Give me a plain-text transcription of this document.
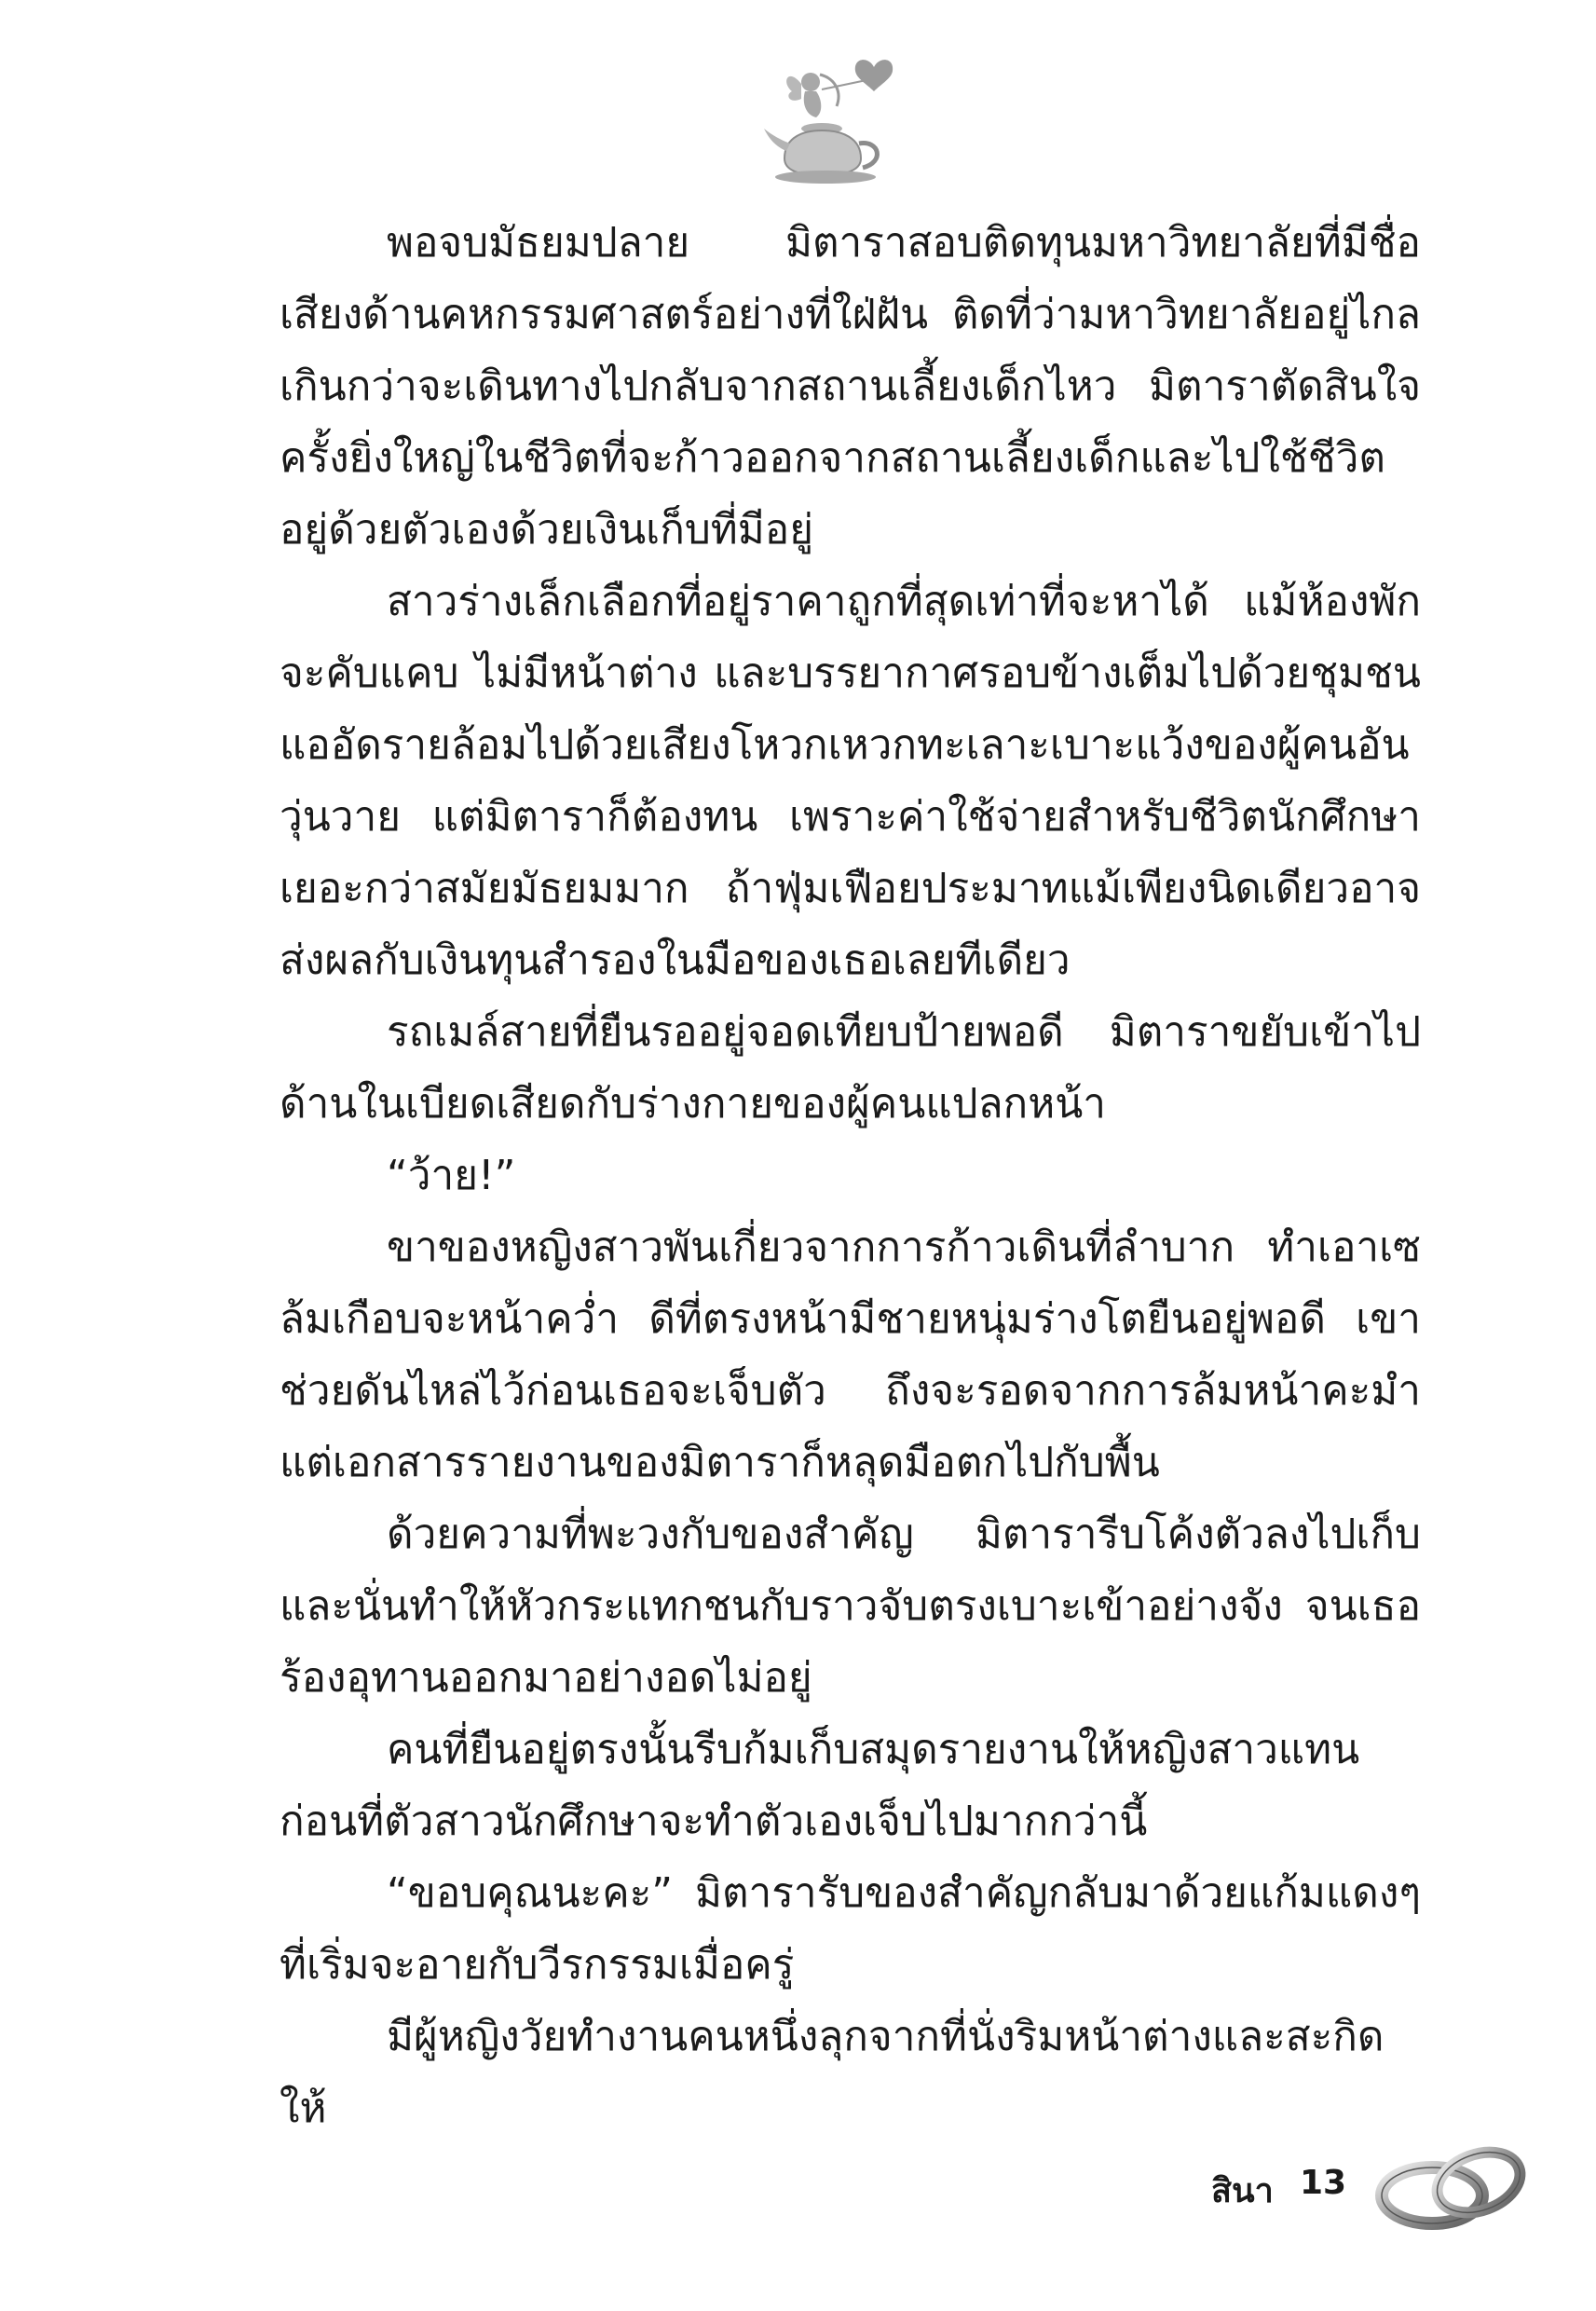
พอจบมัธยมปลาย มิตาราสอบติดทุนมหาวิทยาลัยที่มีชื่อเสียงด้านคหกรรมศาสตร์อย่างที่ใฝ่ฝัน ติดที่ว่ามหาวิทยาลัยอยู่ไกลเกินกว่าจะเดินทางไปกลับจากสถานเลี้ยงเด็กไหว มิตาราตัดสินใจครั้งยิ่งใหญ่ในชีวิตที่จะก้าวออกจากสถานเลี้ยงเด็กและไปใช้ชีวิตอยู่ด้วยตัวเองด้วยเงินเก็บที่มีอยู่

สาวร่างเล็กเลือกที่อยู่ราคาถูกที่สุดเท่าที่จะหาได้ แม้ห้องพักจะคับแคบ ไม่มีหน้าต่าง และบรรยากาศรอบข้างเต็มไปด้วยชุมชนแออัดรายล้อมไปด้วยเสียงโหวกเหวกทะเลาะเบาะแว้งของผู้คนอันวุ่นวาย แต่มิตาราก็ต้องทน เพราะค่าใช้จ่ายสำหรับชีวิตนักศึกษาเยอะกว่าสมัยมัธยมมาก ถ้าฟุ่มเฟือยประมาทแม้เพียงนิดเดียวอาจส่งผลกับเงินทุนสำรองในมือของเธอเลยทีเดียว

รถเมล์สายที่ยืนรออยู่จอดเทียบป้ายพอดี มิตาราขยับเข้าไปด้านในเบียดเสียดกับร่างกายของผู้คนแปลกหน้า

“ว้าย!”

ขาของหญิงสาวพันเกี่ยวจากการก้าวเดินที่ลำบาก ทำเอาเซล้มเกือบจะหน้าคว่ำ ดีที่ตรงหน้ามีชายหนุ่มร่างโตยืนอยู่พอดี เขาช่วยดันไหล่ไว้ก่อนเธอจะเจ็บตัว ถึงจะรอดจากการล้มหน้าคะมำ แต่เอกสารรายงานของมิตาราก็หลุดมือตกไปกับพื้น

ด้วยความที่พะวงกับของสำคัญ มิตารารีบโค้งตัวลงไปเก็บ และนั่นทำให้หัวกระแทกชนกับราวจับตรงเบาะเข้าอย่างจัง จนเธอร้องอุทานออกมาอย่างอดไม่อยู่

คนที่ยืนอยู่ตรงนั้นรีบก้มเก็บสมุดรายงานให้หญิงสาวแทนก่อนที่ตัวสาวนักศึกษาจะทำตัวเองเจ็บไปมากกว่านี้

“ขอบคุณนะคะ” มิตารารับของสำคัญกลับมาด้วยแก้มแดงๆ ที่เริ่มจะอายกับวีรกรรมเมื่อครู่

มีผู้หญิงวัยทำงานคนหนึ่งลุกจากที่นั่งริมหน้าต่างและสะกิดให้

สินา 13
